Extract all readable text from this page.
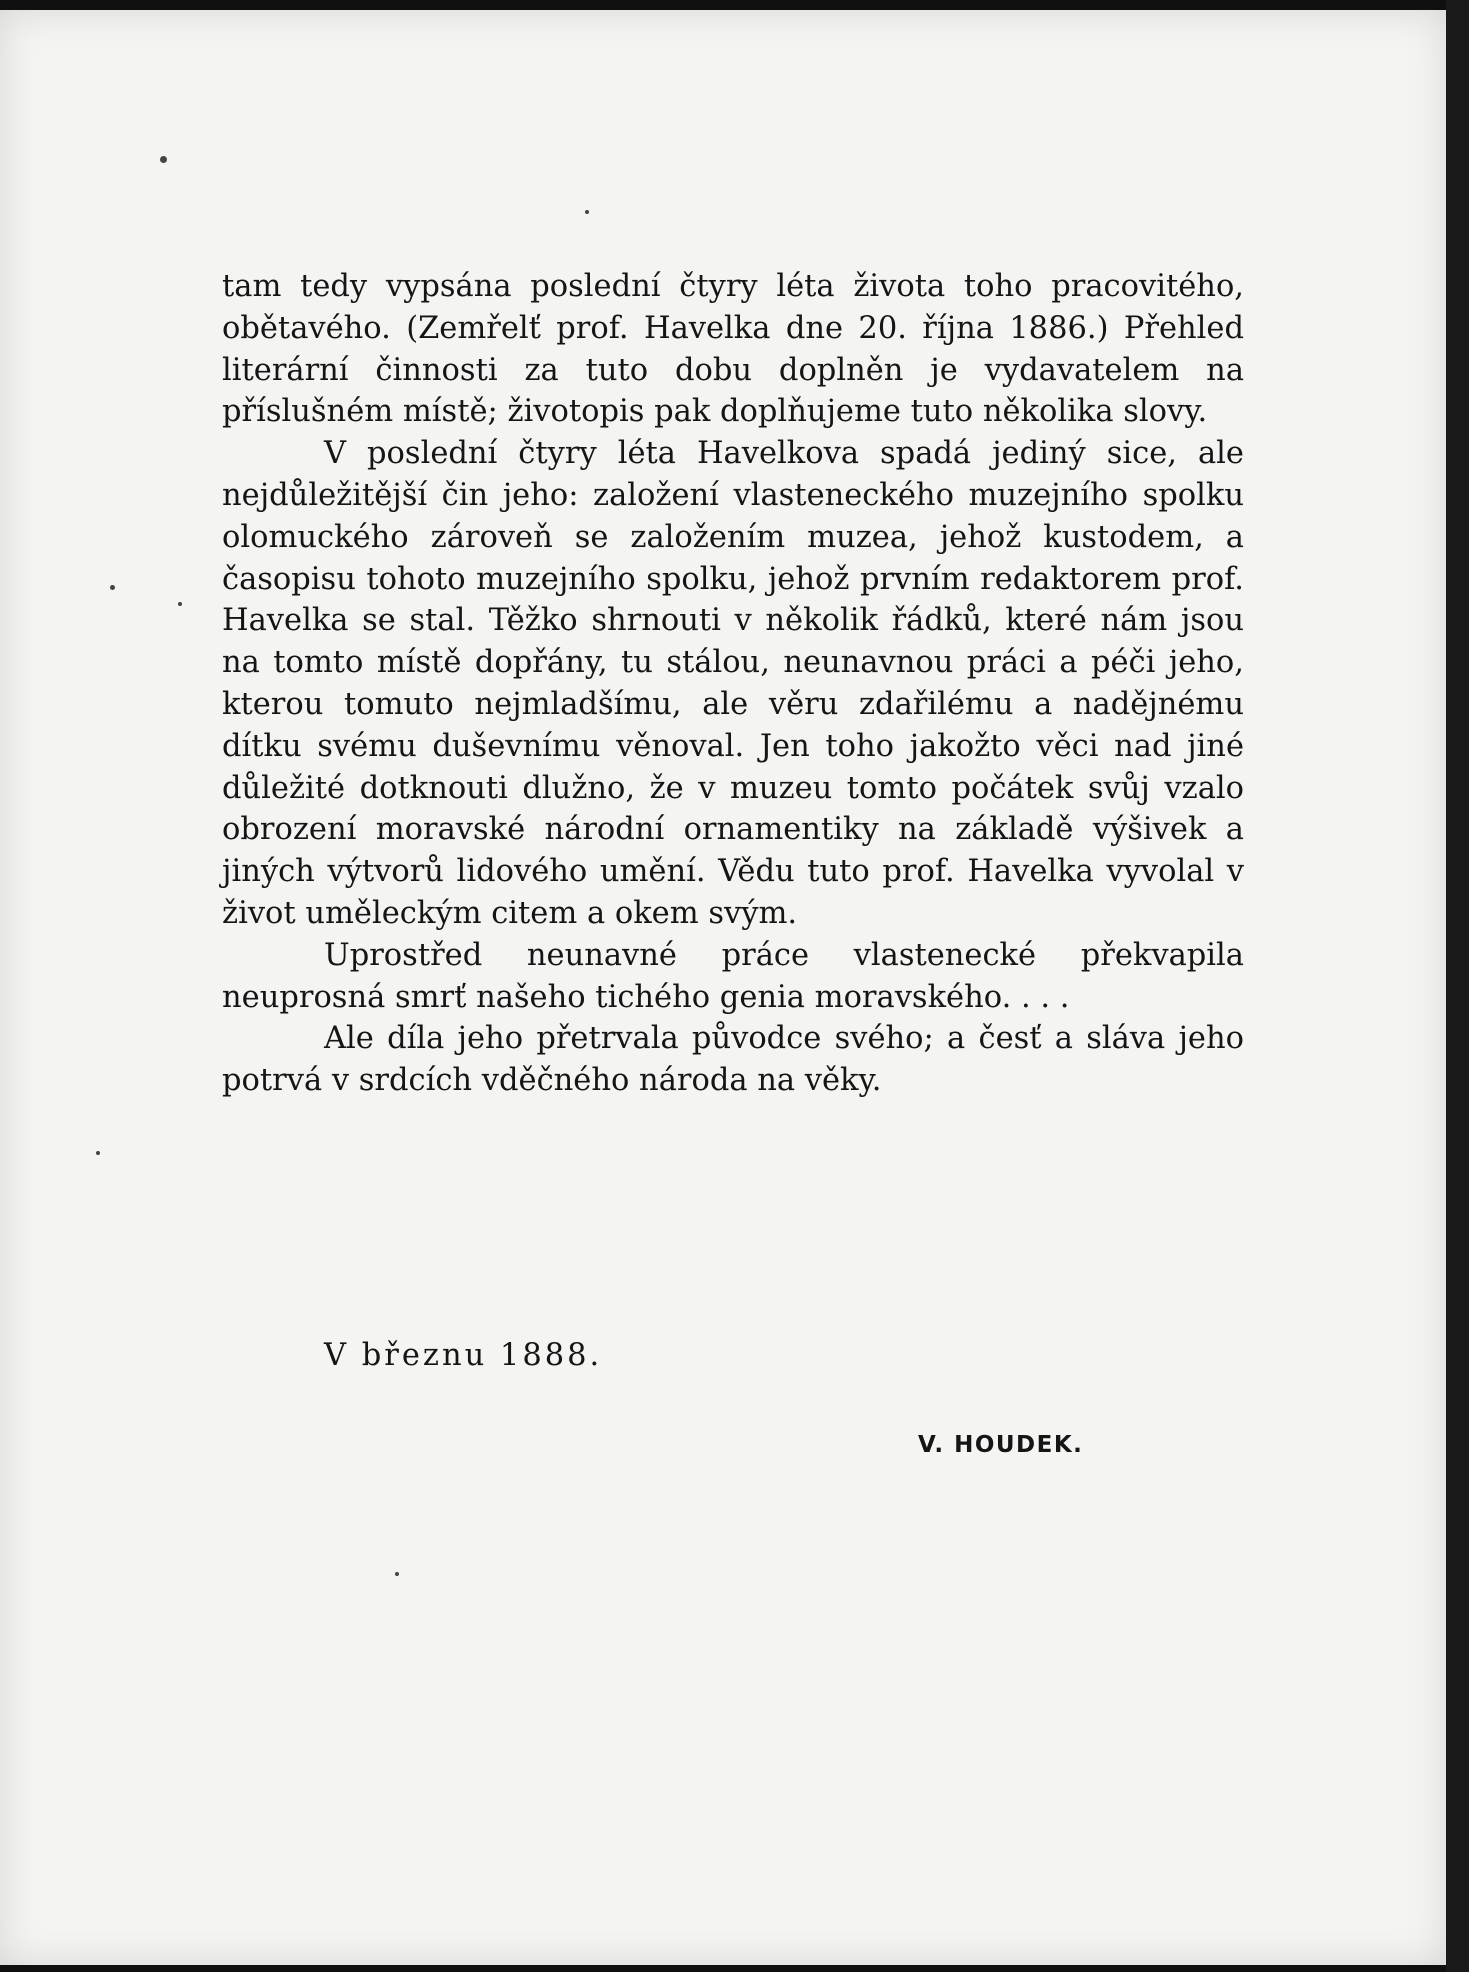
tam tedy vypsána poslední čtyry léta života toho pracovitého, obětavého. (Zemřelť prof. Havelka dne 20. října 1886.) Přehled literární činnosti za tuto dobu doplněn je vydavatelem na příslušném místě; životopis pak doplňujeme tuto několika slovy.

V poslední čtyry léta Havelkova spadá jediný sice, ale nejdůležitější čin jeho: založení vlasteneckého muzejního spolku olomuckého zároveň se založením muzea, jehož kustodem, a časopisu tohoto muzejního spolku, jehož prvním redaktorem prof. Havelka se stal. Těžko shrnouti v několik řádků, které nám jsou na tomto místě dopřány, tu stálou, neunavnou práci a péči jeho, kterou tomuto nejmladšímu, ale věru zdařilému a nadějnému dítku svému duševnímu věnoval. Jen toho jakožto věci nad jiné důležité dotknouti dlužno, že v muzeu tomto počátek svůj vzalo obrození moravské národní ornamentiky na základě výšivek a jiných výtvorů lidového umění. Vědu tuto prof. Havelka vyvolal v život uměleckým citem a okem svým.

Uprostřed neunavné práce vlastenecké překvapila neuprosná smrť našeho tichého genia moravského. . . .

Ale díla jeho přetrvala původce svého; a česť a sláva jeho potrvá v srdcích vděčného národa na věky.

V březnu 1888.
V. HOUDEK.
